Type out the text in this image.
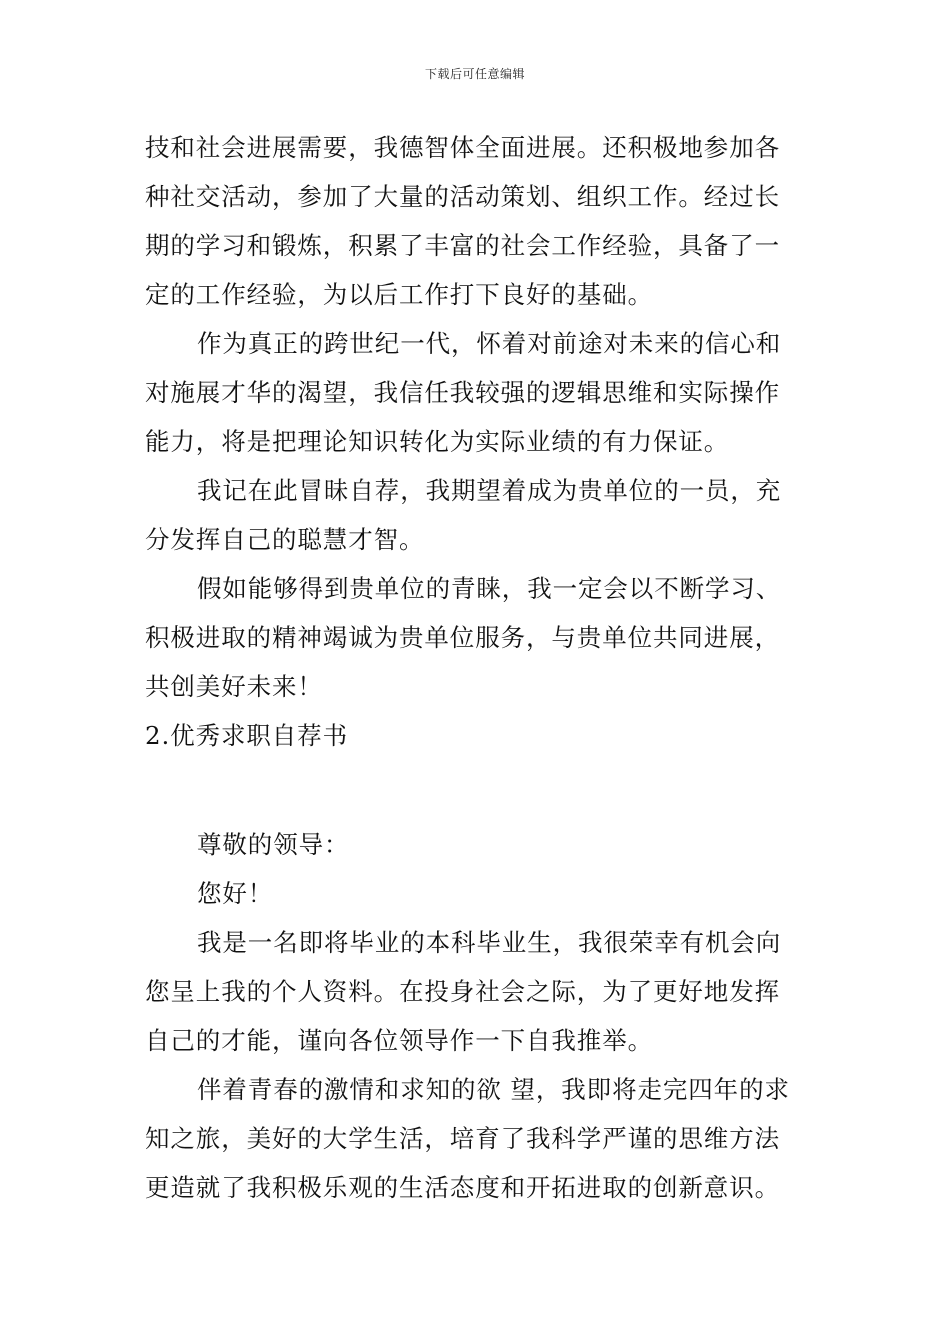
下载后可任意编辑
技和社会进展需要，我德智体全面进展。还积极地参加各
种社交活动，参加了大量的活动策划、组织工作。经过长
期的学习和锻炼，积累了丰富的社会工作经验，具备了一
定的工作经验，为以后工作打下良好的基础。
作为真正的跨世纪一代，怀着对前途对未来的信心和
对施展才华的渴望，我信任我较强的逻辑思维和实际操作
能力，将是把理论知识转化为实际业绩的有力保证。
我记在此冒昧自荐，我期望着成为贵单位的一员，充
分发挥自己的聪慧才智。
假如能够得到贵单位的青睐，我一定会以不断学习、
积极进取的精神竭诚为贵单位服务，与贵单位共同进展，
共创美好未来！
2.优秀求职自荐书
尊敬的领导：
您好！
我是一名即将毕业的本科毕业生，我很荣幸有机会向
您呈上我的个人资料。在投身社会之际，为了更好地发挥
自己的才能，谨向各位领导作一下自我推举。
伴着青春的激情和求知的欲 望，我即将走完四年的求
知之旅，美好的大学生活，培育了我科学严谨的思维方法
更造就了我积极乐观的生活态度和开拓进取的创新意识。
